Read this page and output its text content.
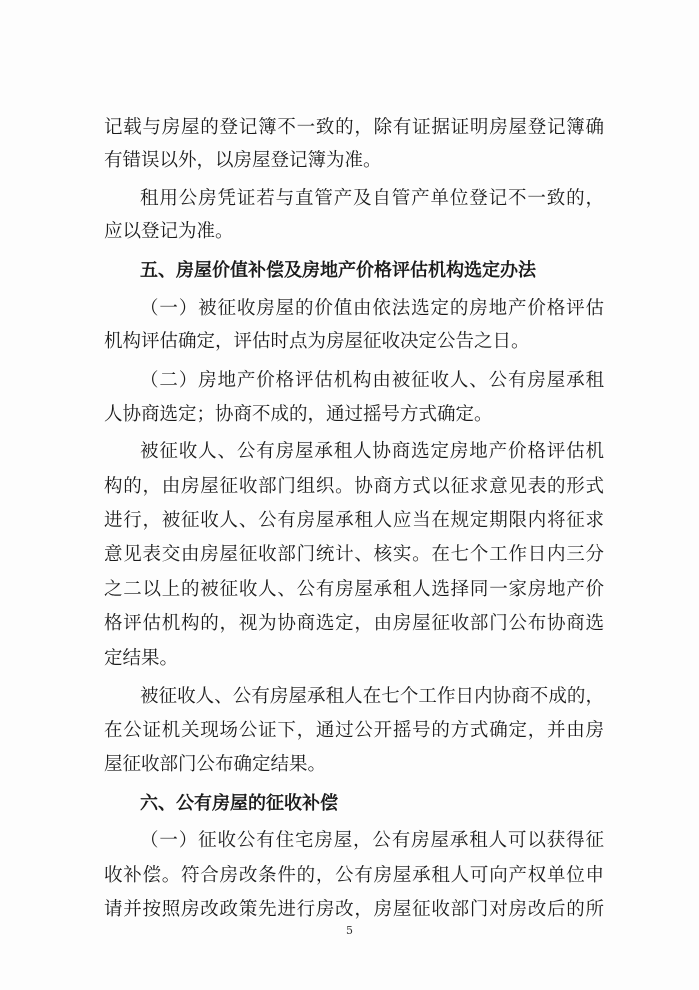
记载与房屋的登记簿不一致的，除有证据证明房屋登记簿确
有错误以外，以房屋登记簿为准。
租用公房凭证若与直管产及自管产单位登记不一致的，
应以登记为准。
五、房屋价值补偿及房地产价格评估机构选定办法
（一）被征收房屋的价值由依法选定的房地产价格评估
机构评估确定，评估时点为房屋征收决定公告之日。
（二）房地产价格评估机构由被征收人、公有房屋承租
人协商选定；协商不成的，通过摇号方式确定。
被征收人、公有房屋承租人协商选定房地产价格评估机
构的，由房屋征收部门组织。协商方式以征求意见表的形式
进行，被征收人、公有房屋承租人应当在规定期限内将征求
意见表交由房屋征收部门统计、核实。在七个工作日内三分
之二以上的被征收人、公有房屋承租人选择同一家房地产价
格评估机构的，视为协商选定，由房屋征收部门公布协商选
定结果。
被征收人、公有房屋承租人在七个工作日内协商不成的，
在公证机关现场公证下，通过公开摇号的方式确定，并由房
屋征收部门公布确定结果。
六、公有房屋的征收补偿
（一）征收公有住宅房屋，公有房屋承租人可以获得征
收补偿。符合房改条件的，公有房屋承租人可向产权单位申
请并按照房改政策先进行房改，房屋征收部门对房改后的所
5
